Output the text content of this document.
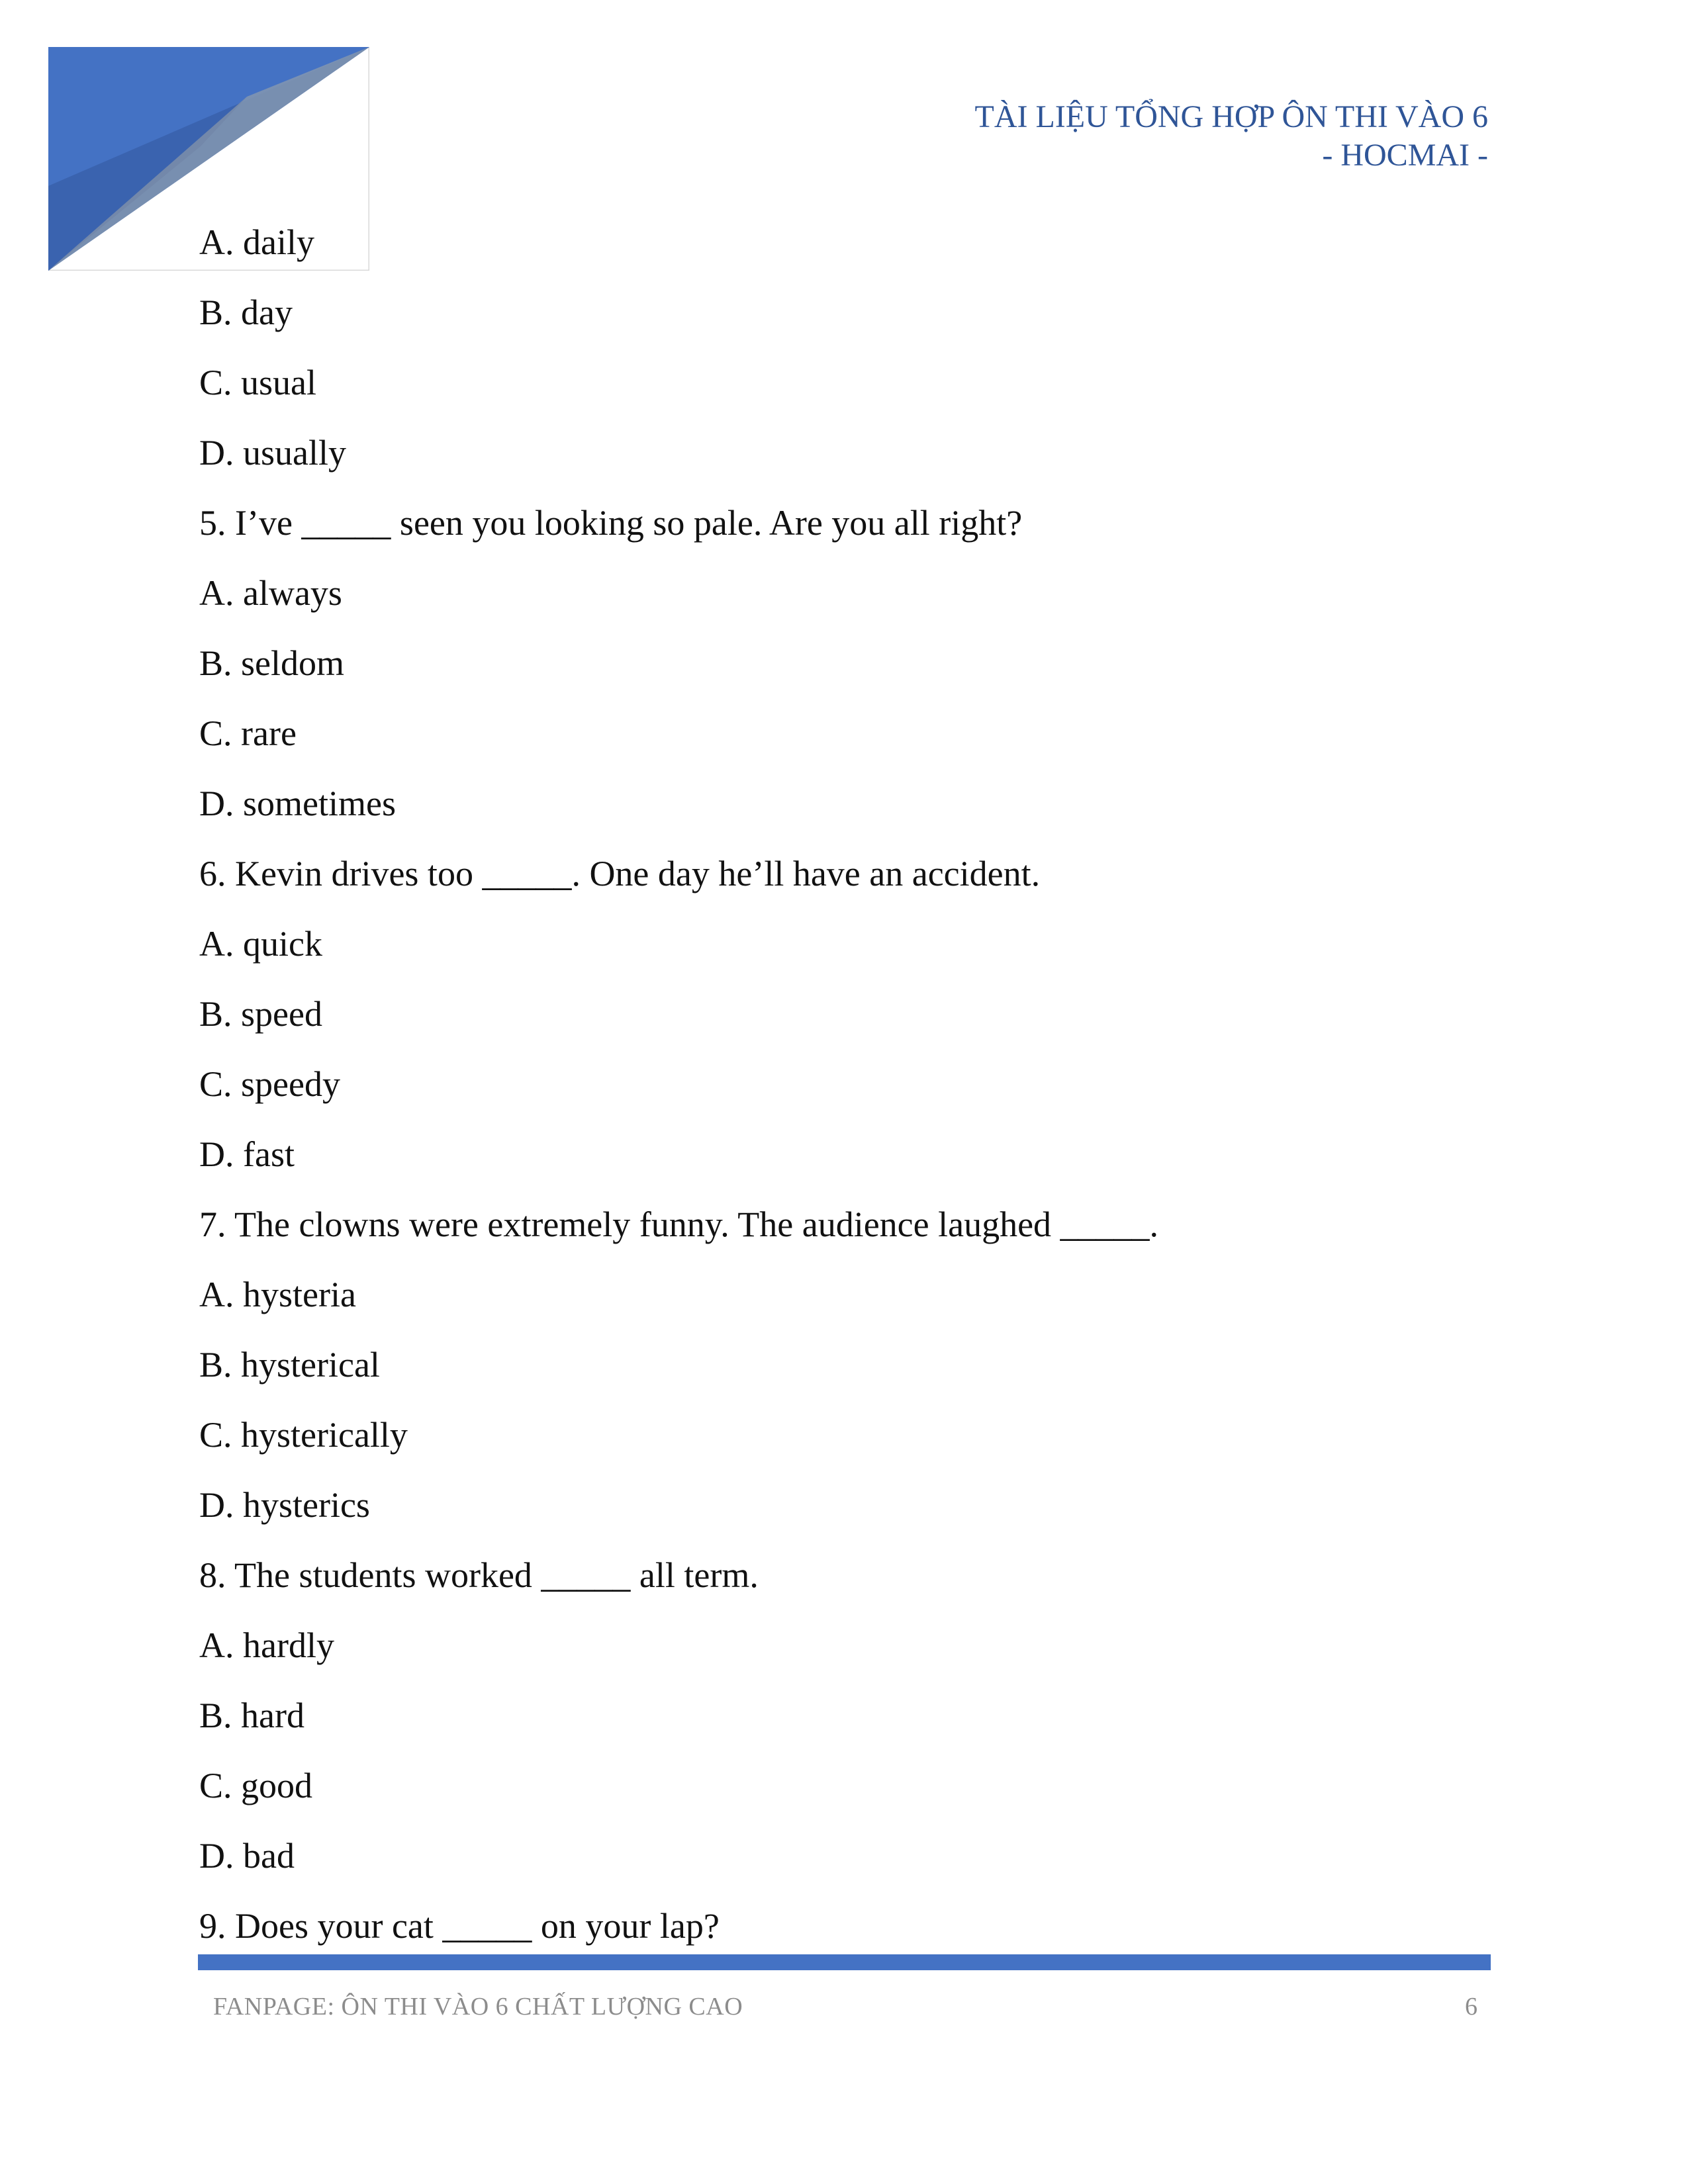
TÀI LIỆU TỔNG HỢP ÔN THI VÀO 6
- HOCMAI -
A. daily
B. day
C. usual
D. usually
5. I’ve _____ seen you looking so pale. Are you all right?
A. always
B. seldom
C. rare
D. sometimes
6. Kevin drives too _____. One day he’ll have an accident.
A. quick
B. speed
C. speedy
D. fast
7. The clowns were extremely funny. The audience laughed _____.
A. hysteria
B. hysterical
C. hysterically
D. hysterics
8. The students worked _____ all term.
A. hardly
B. hard
C. good
D. bad
9. Does your cat _____ on your lap?
FANPAGE: ÔN THI VÀO 6 CHẤT LƯỢNG CAO	6
